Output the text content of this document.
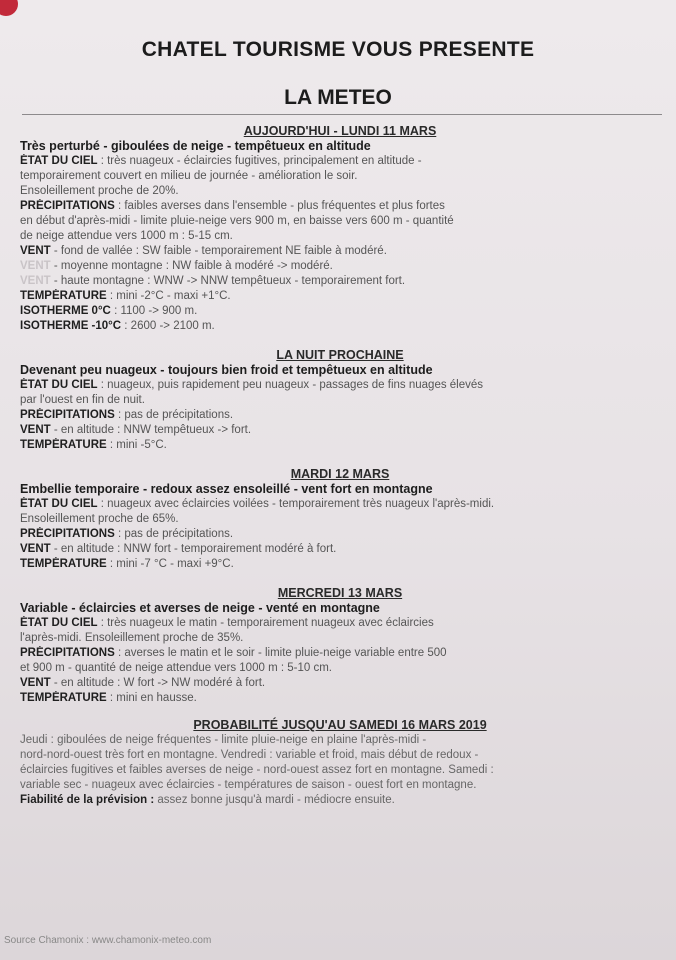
CHATEL TOURISME VOUS PRESENTE
LA METEO
AUJOURD'HUI - LUNDI 11 MARS
Très perturbé - giboulées de neige - tempêtueux en altitude
ÉTAT DU CIEL : très nuageux - éclaircies fugitives, principalement en altitude -
temporairement couvert en milieu de journée - amélioration le soir.
Ensoleillement proche de 20%.
PRÉCIPITATIONS : faibles averses dans l'ensemble - plus fréquentes et plus fortes
en début d'après-midi - limite pluie-neige vers 900 m, en baisse vers 600 m - quantité
de neige attendue vers 1000 m : 5-15 cm.
VENT - fond de vallée : SW faible - temporairement NE faible à modéré.
VENT - moyenne montagne : NW faible à modéré -> modéré.
VENT - haute montagne : WNW -> NNW tempêtueux - temporairement fort.
TEMPÉRATURE : mini -2°C - maxi +1°C.
ISOTHERME 0°C : 1100 -> 900 m.
ISOTHERME -10°C : 2600 -> 2100 m.
LA NUIT PROCHAINE
Devenant peu nuageux - toujours bien froid et tempêtueux en altitude
ÉTAT DU CIEL : nuageux, puis rapidement peu nuageux - passages de fins nuages élevés
par l'ouest en fin de nuit.
PRÉCIPITATIONS : pas de précipitations.
VENT - en altitude : NNW tempêtueux -> fort.
TEMPÉRATURE : mini -5°C.
MARDI 12 MARS
Embellie temporaire - redoux assez ensoleillé - vent fort en montagne
ÉTAT DU CIEL : nuageux avec éclaircies voilées - temporairement très nuageux l'après-midi.
Ensoleillement proche de 65%.
PRÉCIPITATIONS : pas de précipitations.
VENT - en altitude : NNW fort - temporairement modéré à fort.
TEMPÉRATURE : mini -7 °C - maxi +9°C.
MERCREDI 13 MARS
Variable - éclaircies et averses de neige - venté en montagne
ÉTAT DU CIEL : très nuageux le matin - temporairement nuageux avec éclaircies
l'après-midi. Ensoleillement proche de 35%.
PRÉCIPITATIONS : averses le matin et le soir - limite pluie-neige variable entre 500
et 900 m - quantité de neige attendue vers 1000 m : 5-10 cm.
VENT - en altitude : W fort -> NW modéré à fort.
TEMPÉRATURE : mini en hausse.
PROBABILITÉ JUSQU'AU SAMEDI 16 MARS 2019
Jeudi : giboulées de neige fréquentes - limite pluie-neige en plaine l'après-midi -
nord-nord-ouest très fort en montagne. Vendredi : variable et froid, mais début de redoux -
éclaircies fugitives et faibles averses de neige - nord-ouest assez fort en montagne. Samedi :
variable sec - nuageux avec éclaircies - températures de saison - ouest fort en montagne.
Fiabilité de la prévision : assez bonne jusqu'à mardi - médiocre ensuite.
Source Chamonix : www.chamonix-meteo.com
